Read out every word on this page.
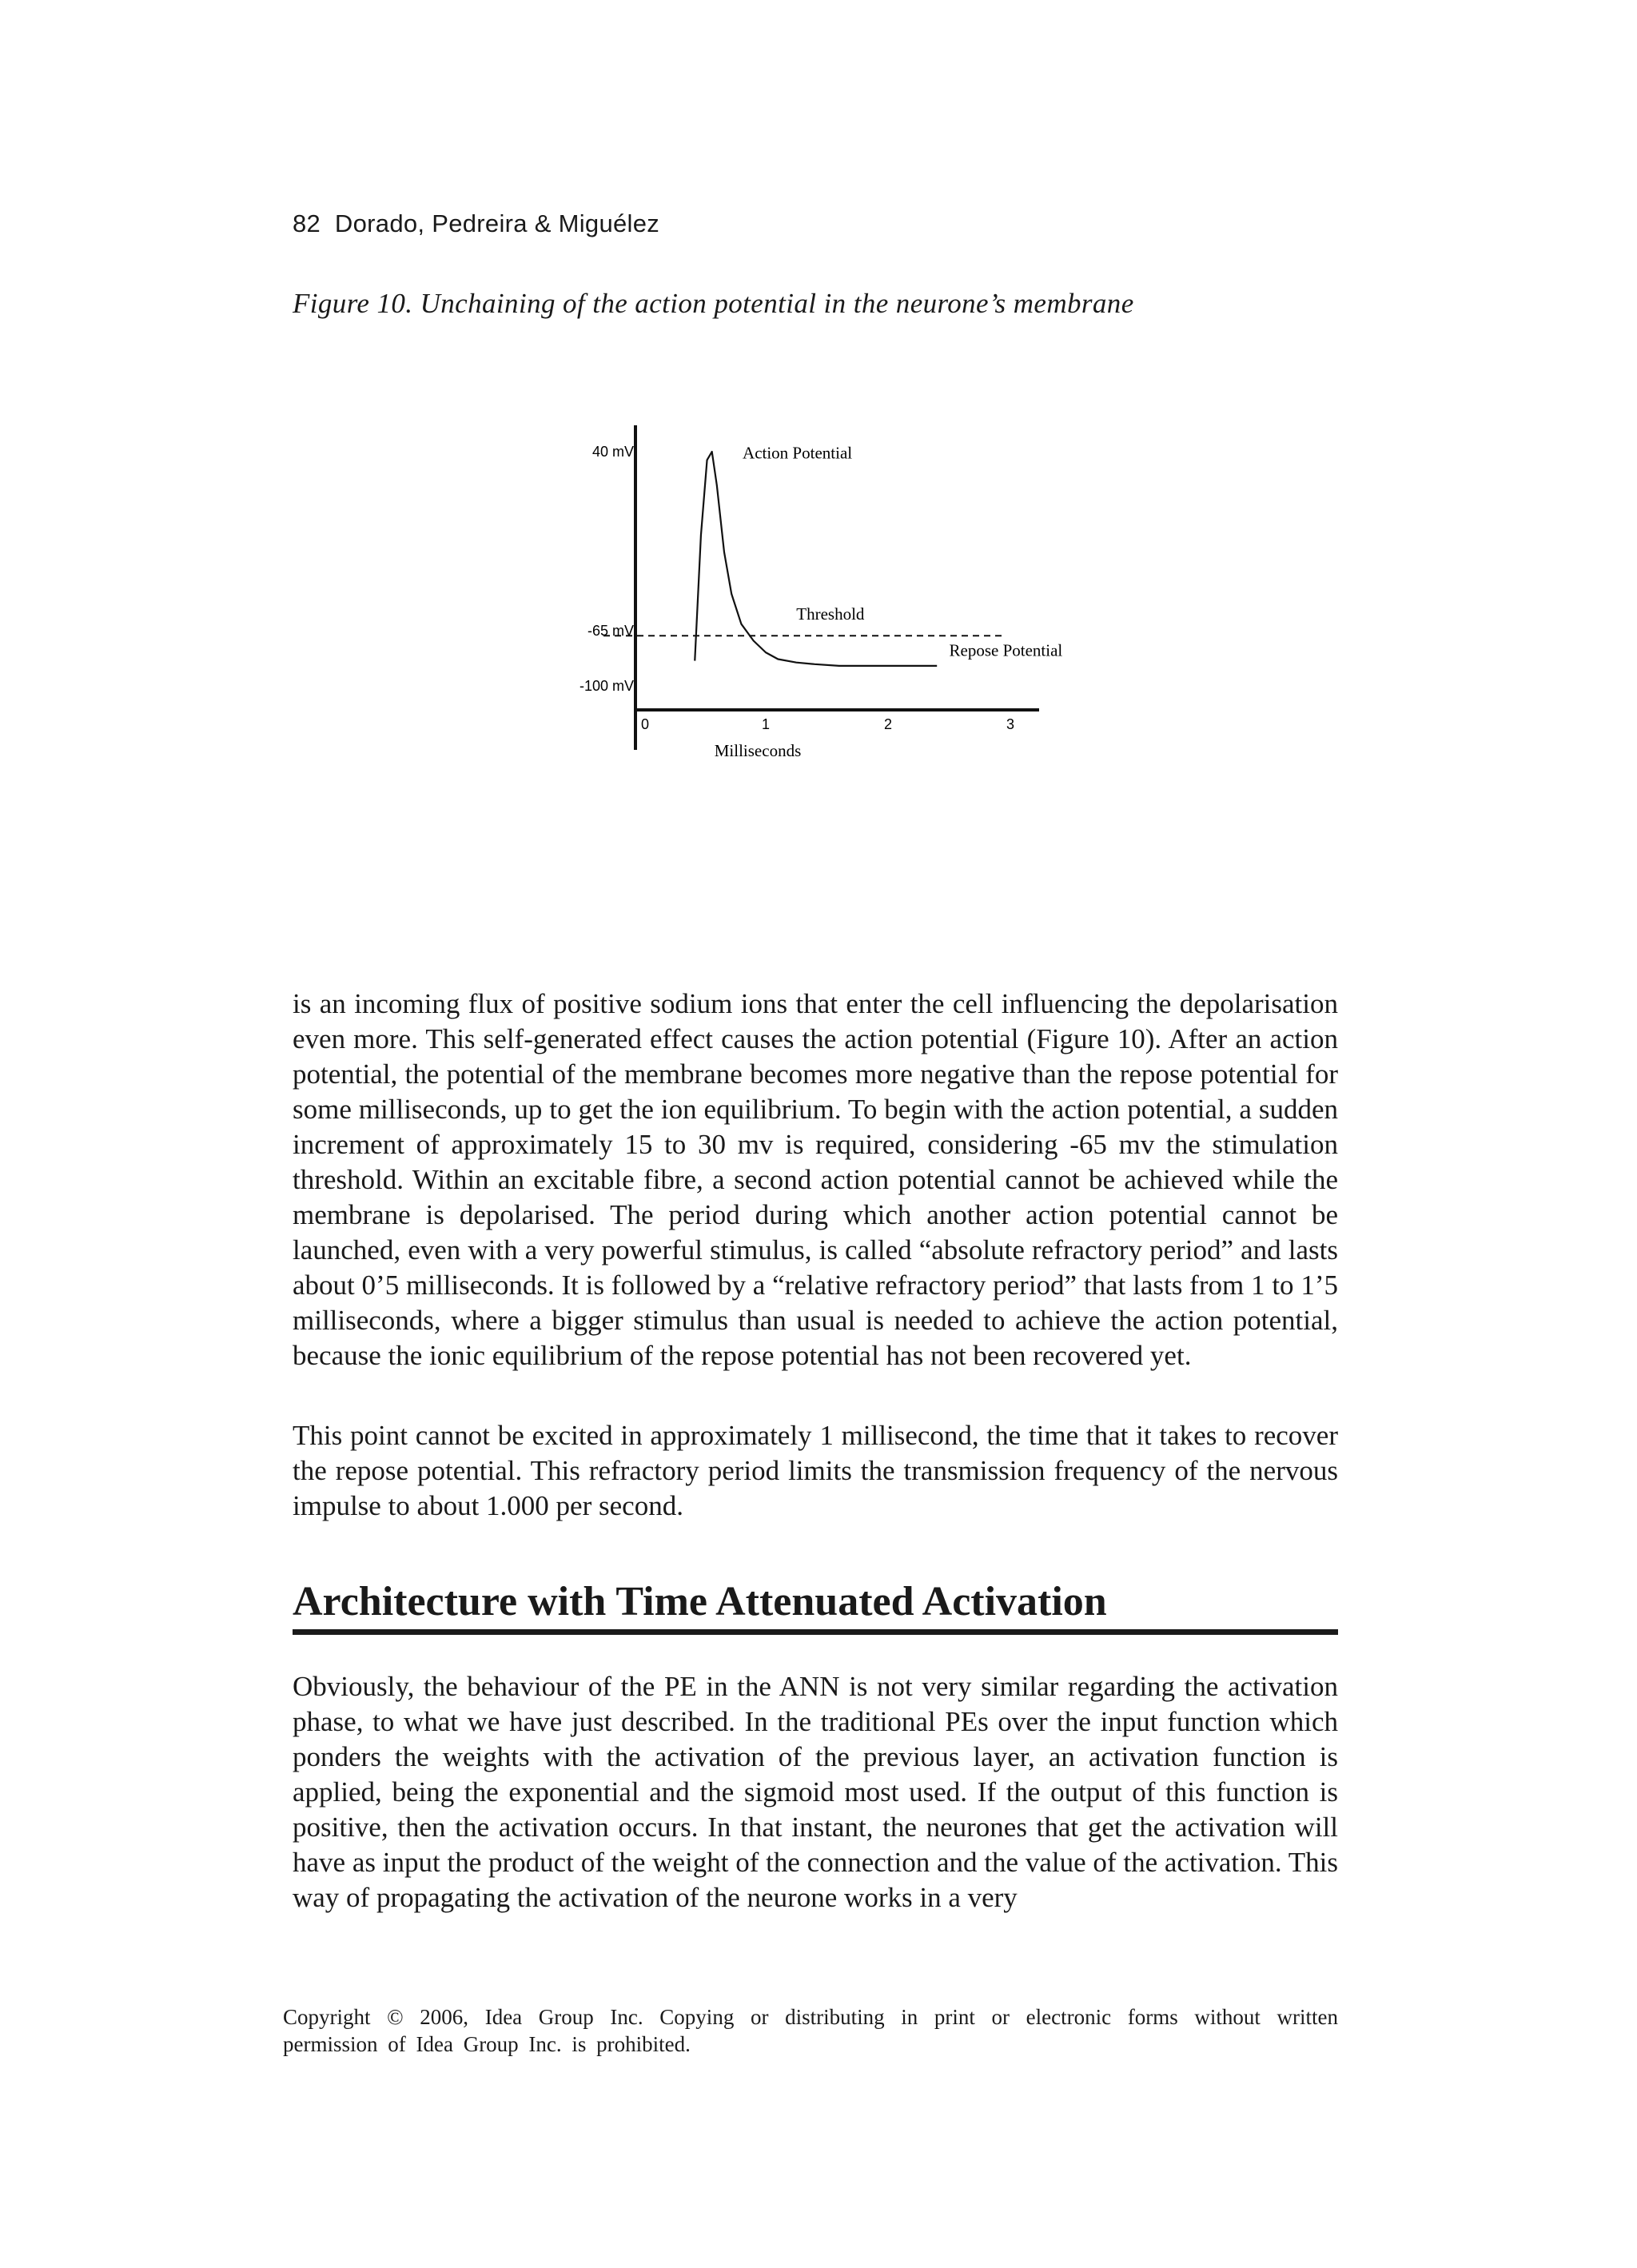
82 Dorado, Pedreira & Miguélez
Figure 10. Unchaining of the action potential in the neurone’s membrane
40 mV
-65 mV
-100 mV
0	1	2	3
Milliseconds
Action Potential
Threshold
Repose Potential

is an incoming flux of positive sodium ions that enter the cell influencing the depolarisation even more. This self-generated effect causes the action potential (Figure 10). After an action potential, the potential of the membrane becomes more negative than the repose potential for some milliseconds, up to get the ion equilibrium. To begin with the action potential, a sudden increment of approximately 15 to 30 mv is required, considering -65 mv the stimulation threshold. Within an excitable fibre, a second action potential cannot be achieved while the membrane is depolarised. The period during which another action potential cannot be launched, even with a very powerful stimulus, is called “absolute refractory period” and lasts about 0’5 milliseconds. It is followed by a “relative refractory period” that lasts from 1 to 1’5 milliseconds, where a bigger stimulus than usual is needed to achieve the action potential, because the ionic equilibrium of the repose potential has not been recovered yet.

This point cannot be excited in approximately 1 millisecond, the time that it takes to recover the repose potential. This refractory period limits the transmission frequency of the nervous impulse to about 1.000 per second.

Architecture with Time Attenuated Activation

Obviously, the behaviour of the PE in the ANN is not very similar regarding the activation phase, to what we have just described. In the traditional PEs over the input function which ponders the weights with the activation of the previous layer, an activation function is applied, being the exponential and the sigmoid most used. If the output of this function is positive, then the activation occurs. In that instant, the neurones that get the activation will have as input the product of the weight of the connection and the value of the activation. This way of propagating the activation of the neurone works in a very

Copyright © 2006, Idea Group Inc. Copying or distributing in print or electronic forms without written permission of Idea Group Inc. is prohibited.
